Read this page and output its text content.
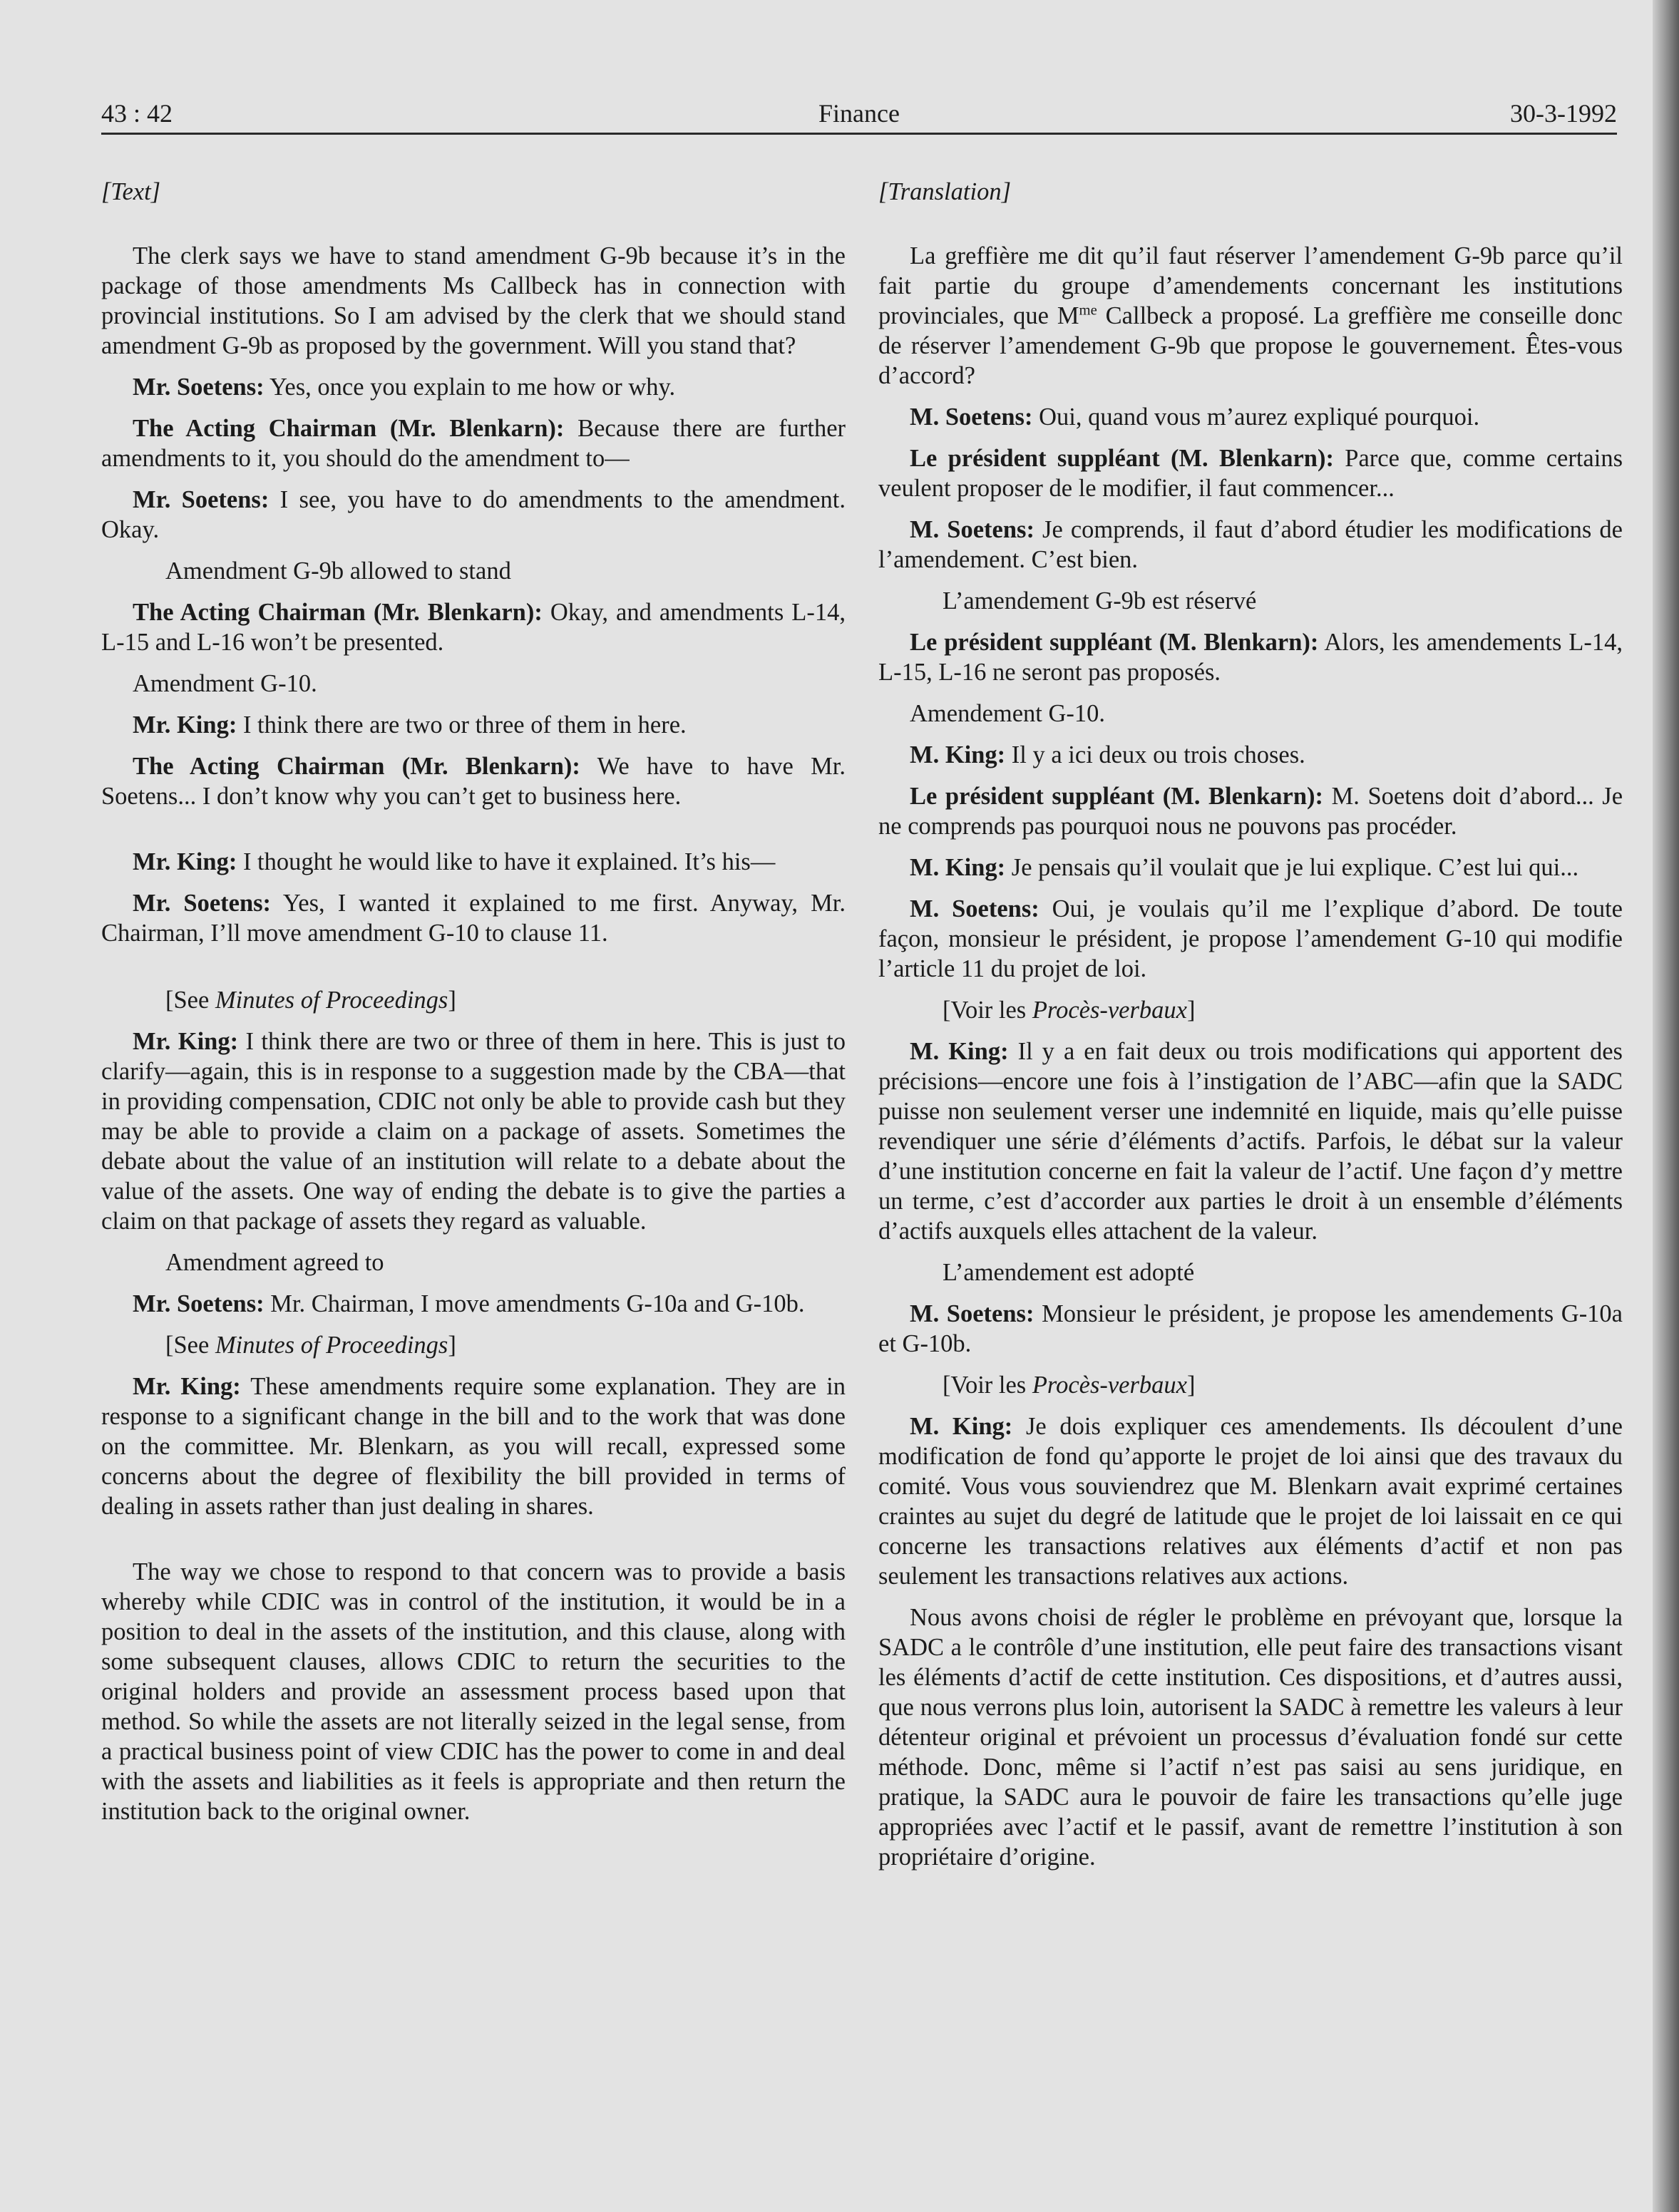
43 : 42	Finance	30-3-1992

[Text]

The clerk says we have to stand amendment G-9b because it’s in the package of those amendments Ms Callbeck has in connection with provincial institutions. So I am advised by the clerk that we should stand amendment G-9b as proposed by the government. Will you stand that?

Mr. Soetens: Yes, once you explain to me how or why.

The Acting Chairman (Mr. Blenkarn): Because there are further amendments to it, you should do the amendment to—

Mr. Soetens: I see, you have to do amendments to the amendment. Okay.

Amendment G-9b allowed to stand

The Acting Chairman (Mr. Blenkarn): Okay, and amendments L-14, L-15 and L-16 won’t be presented.

Amendment G-10.

Mr. King: I think there are two or three of them in here.

The Acting Chairman (Mr. Blenkarn): We have to have Mr. Soetens... I don’t know why you can’t get to business here.

Mr. King: I thought he would like to have it explained. It’s his—

Mr. Soetens: Yes, I wanted it explained to me first. Anyway, Mr. Chairman, I’ll move amendment G-10 to clause 11.

[See Minutes of Proceedings]

Mr. King: I think there are two or three of them in here. This is just to clarify—again, this is in response to a suggestion made by the CBA—that in providing compensation, CDIC not only be able to provide cash but they may be able to provide a claim on a package of assets. Sometimes the debate about the value of an institution will relate to a debate about the value of the assets. One way of ending the debate is to give the parties a claim on that package of assets they regard as valuable.

Amendment agreed to

Mr. Soetens: Mr. Chairman, I move amendments G-10a and G-10b.

[See Minutes of Proceedings]

Mr. King: These amendments require some explanation. They are in response to a significant change in the bill and to the work that was done on the committee. Mr. Blenkarn, as you will recall, expressed some concerns about the degree of flexibility the bill provided in terms of dealing in assets rather than just dealing in shares.

The way we chose to respond to that concern was to provide a basis whereby while CDIC was in control of the institution, it would be in a position to deal in the assets of the institution, and this clause, along with some subsequent clauses, allows CDIC to return the securities to the original holders and provide an assessment process based upon that method. So while the assets are not literally seized in the legal sense, from a practical business point of view CDIC has the power to come in and deal with the assets and liabilities as it feels is appropriate and then return the institution back to the original owner.

[Translation]

La greffière me dit qu’il faut réserver l’amendement G-9b parce qu’il fait partie du groupe d’amendements concernant les institutions provinciales, que $M^{me}$ Callbeck a proposé. La greffière me conseille donc de réserver l’amendement G-9b que propose le gouvernement. Êtes-vous d’accord?

M. Soetens: Oui, quand vous m’aurez expliqué pourquoi.

Le président suppléant (M. Blenkarn): Parce que, comme certains veulent proposer de le modifier, il faut commencer...

M. Soetens: Je comprends, il faut d’abord étudier les modifications de l’amendement. C’est bien.

L’amendement G-9b est réservé

Le président suppléant (M. Blenkarn): Alors, les amendements L-14, L-15, L-16 ne seront pas proposés.

Amendement G-10.

M. King: Il y a ici deux ou trois choses.

Le président suppléant (M. Blenkarn): M. Soetens doit d’abord... Je ne comprends pas pourquoi nous ne pouvons pas procéder.

M. King: Je pensais qu’il voulait que je lui explique. C’est lui qui...

M. Soetens: Oui, je voulais qu’il me l’explique d’abord. De toute façon, monsieur le président, je propose l’amendement G-10 qui modifie l’article 11 du projet de loi.

[Voir les Procès-verbaux]

M. King: Il y a en fait deux ou trois modifications qui apportent des précisions—encore une fois à l’instigation de l’ABC—afin que la SADC puisse non seulement verser une indemnité en liquide, mais qu’elle puisse revendiquer une série d’éléments d’actifs. Parfois, le débat sur la valeur d’une institution concerne en fait la valeur de l’actif. Une façon d’y mettre un terme, c’est d’accorder aux parties le droit à un ensemble d’éléments d’actifs auxquels elles attachent de la valeur.

L’amendement est adopté

M. Soetens: Monsieur le président, je propose les amendements G-10a et G-10b.

[Voir les Procès-verbaux]

M. King: Je dois expliquer ces amendements. Ils découlent d’une modification de fond qu’apporte le projet de loi ainsi que des travaux du comité. Vous vous souviendrez que M. Blenkarn avait exprimé certaines craintes au sujet du degré de latitude que le projet de loi laissait en ce qui concerne les transactions relatives aux éléments d’actif et non pas seulement les transactions relatives aux actions.

Nous avons choisi de régler le problème en prévoyant que, lorsque la SADC a le contrôle d’une institution, elle peut faire des transactions visant les éléments d’actif de cette institution. Ces dispositions, et d’autres aussi, que nous verrons plus loin, autorisent la SADC à remettre les valeurs à leur détenteur original et prévoient un processus d’évaluation fondé sur cette méthode. Donc, même si l’actif n’est pas saisi au sens juridique, en pratique, la SADC aura le pouvoir de faire les transactions qu’elle juge appropriées avec l’actif et le passif, avant de remettre l’institution à son propriétaire d’origine.
